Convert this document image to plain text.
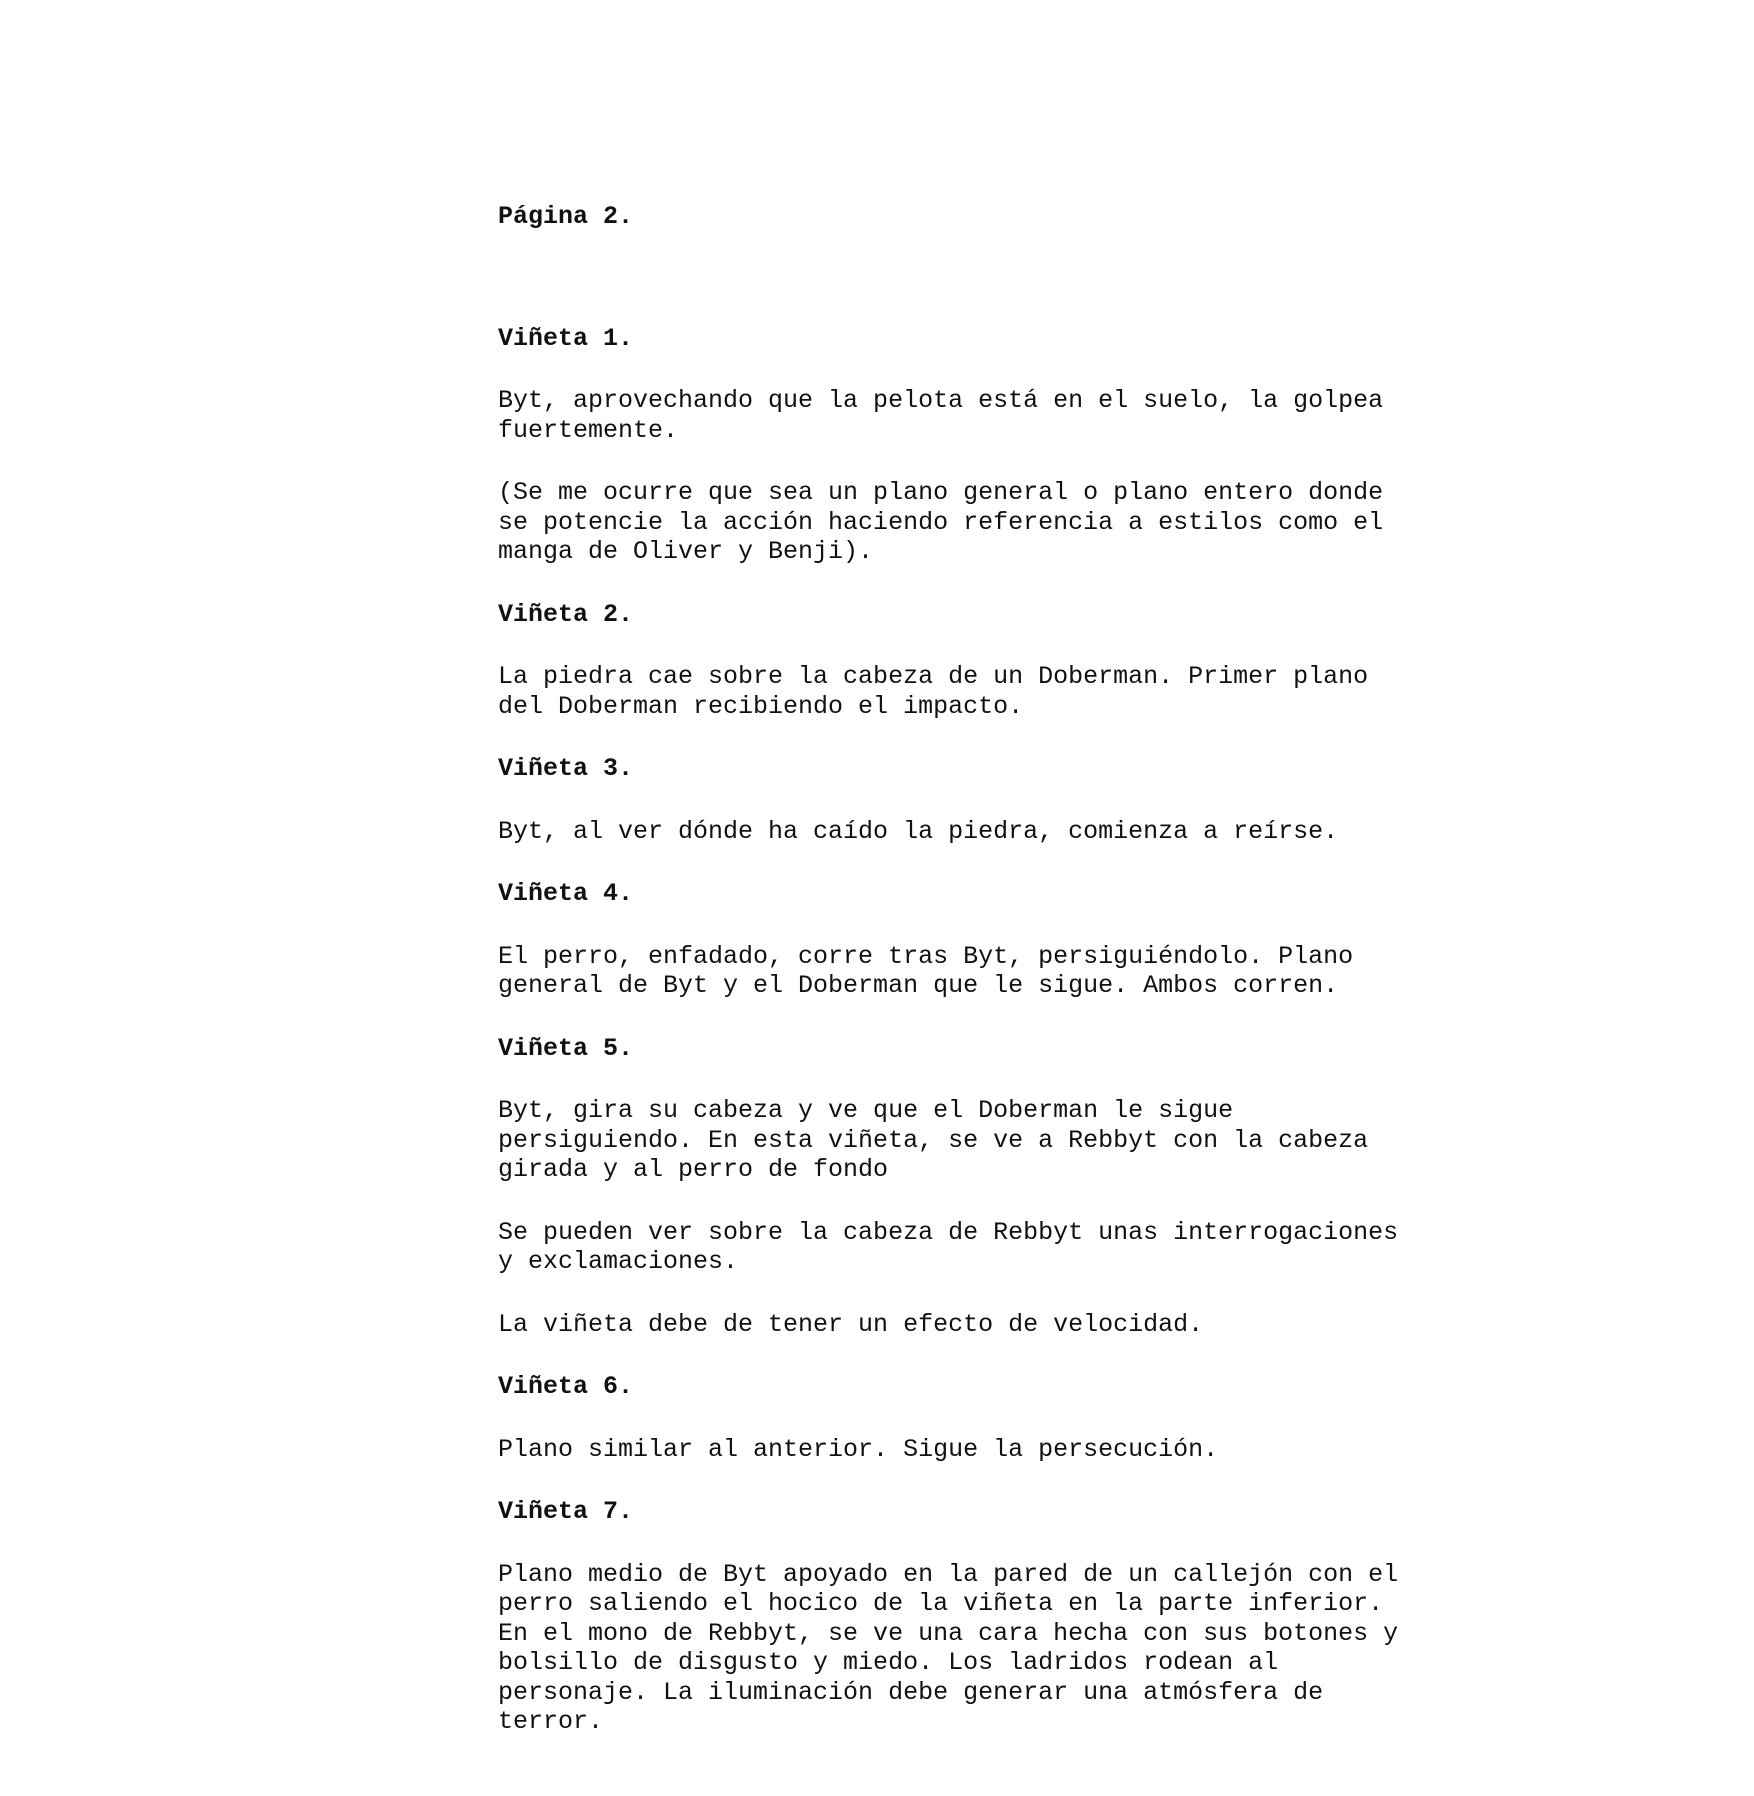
Página 2.

Viñeta 1.
Byt, aprovechando que la pelota está en el suelo, la golpea
fuertemente.
(Se me ocurre que sea un plano general o plano entero donde
se potencie la acción haciendo referencia a estilos como el
manga de Oliver y Benji).
Viñeta 2.
La piedra cae sobre la cabeza de un Doberman. Primer plano
del Doberman recibiendo el impacto.
Viñeta 3.
Byt, al ver dónde ha caído la piedra, comienza a reírse.
Viñeta 4.
El perro, enfadado, corre tras Byt, persiguiéndolo. Plano
general de Byt y el Doberman que le sigue. Ambos corren.
Viñeta 5.
Byt, gira su cabeza y ve que el Doberman le sigue
persiguiendo. En esta viñeta, se ve a Rebbyt con la cabeza
girada y al perro de fondo
Se pueden ver sobre la cabeza de Rebbyt unas interrogaciones
y exclamaciones.
La viñeta debe de tener un efecto de velocidad.
Viñeta 6.
Plano similar al anterior. Sigue la persecución.
Viñeta 7.
Plano medio de Byt apoyado en la pared de un callejón con el
perro saliendo el hocico de la viñeta en la parte inferior.
En el mono de Rebbyt, se ve una cara hecha con sus botones y
bolsillo de disgusto y miedo. Los ladridos rodean al
personaje. La iluminación debe generar una atmósfera de
terror.
